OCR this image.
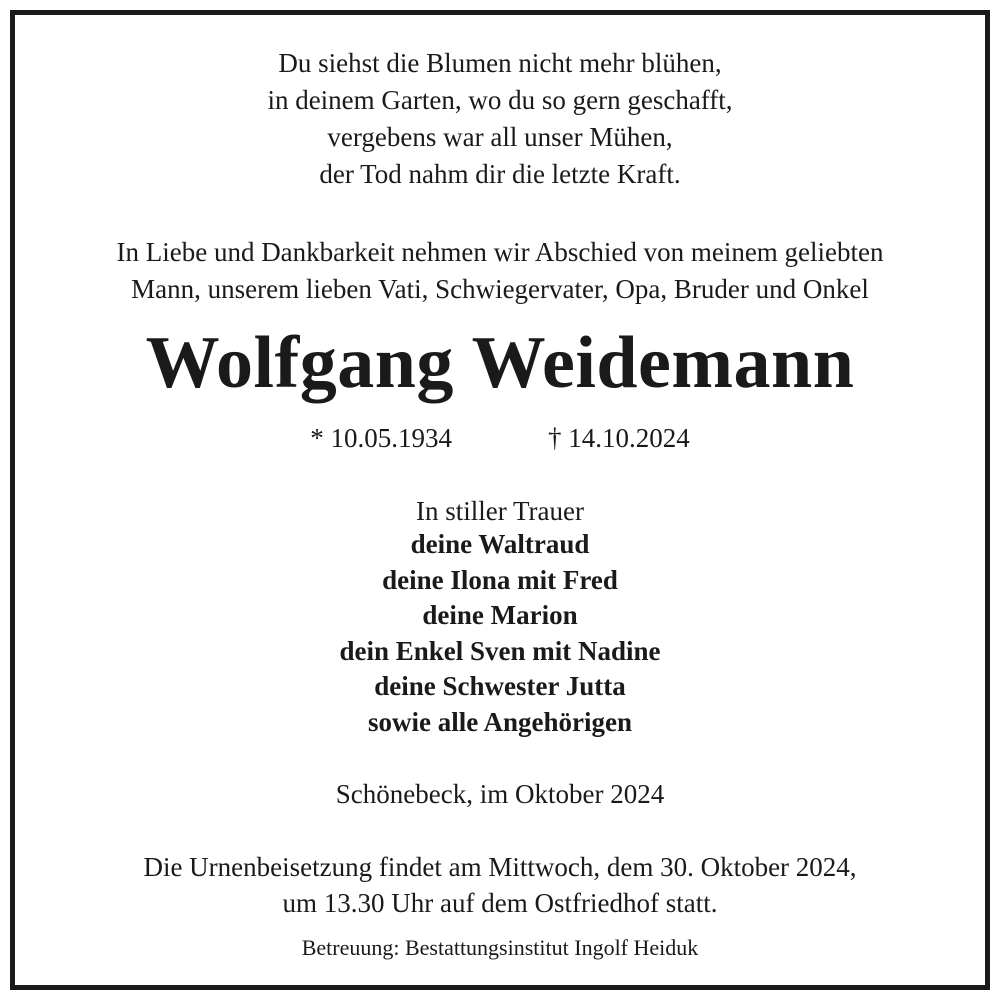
Du siehst die Blumen nicht mehr blühen,
in deinem Garten, wo du so gern geschafft,
vergebens war all unser Mühen,
der Tod nahm dir die letzte Kraft.
In Liebe und Dankbarkeit nehmen wir Abschied von meinem geliebten
Mann, unserem lieben Vati, Schwiegervater, Opa, Bruder und Onkel
Wolfgang Weidemann
* 10.05.1934	† 14.10.2024
In stiller Trauer
deine Waltraud
deine Ilona mit Fred
deine Marion
dein Enkel Sven mit Nadine
deine Schwester Jutta
sowie alle Angehörigen
Schönebeck, im Oktober 2024
Die Urnenbeisetzung findet am Mittwoch, dem 30. Oktober 2024,
um 13.30 Uhr auf dem Ostfriedhof statt.
Betreuung: Bestattungsinstitut Ingolf Heiduk
